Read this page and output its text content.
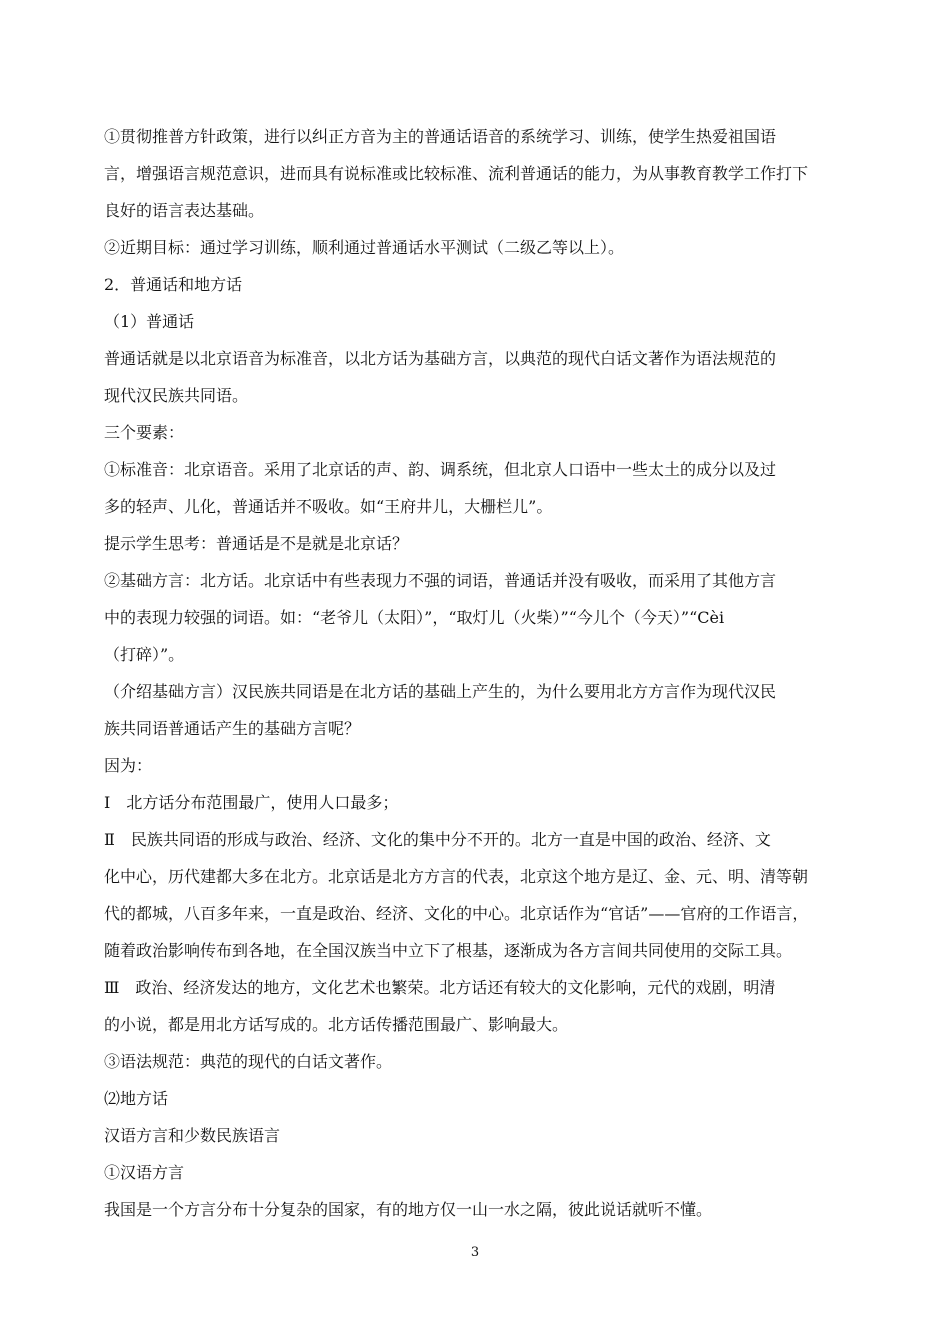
①贯彻推普方针政策，进行以纠正方音为主的普通话语音的系统学习、训练，使学生热爱祖国语
言，增强语言规范意识，进而具有说标准或比较标准、流利普通话的能力，为从事教育教学工作打下
良好的语言表达基础。
②近期目标：通过学习训练，顺利通过普通话水平测试（二级乙等以上）。
2．普通话和地方话
（1）普通话
普通话就是以北京语音为标准音，以北方话为基础方言，以典范的现代白话文著作为语法规范的
现代汉民族共同语。
三个要素：
①标准音：北京语音。采用了北京话的声、韵、调系统，但北京人口语中一些太土的成分以及过
多的轻声、儿化，普通话并不吸收。如“王府井儿，大栅栏儿”。
提示学生思考：普通话是不是就是北京话？
②基础方言：北方话。北京话中有些表现力不强的词语，普通话并没有吸收，而采用了其他方言
中的表现力较强的词语。如：“老爷儿（太阳）”，“取灯儿（火柴）”“今儿个（今天）”“Cèi
（打碎）”。
（介绍基础方言）汉民族共同语是在北方话的基础上产生的，为什么要用北方方言作为现代汉民
族共同语普通话产生的基础方言呢？
因为：
Ⅰ　北方话分布范围最广，使用人口最多；
Ⅱ　民族共同语的形成与政治、经济、文化的集中分不开的。北方一直是中国的政治、经济、文
化中心，历代建都大多在北方。北京话是北方方言的代表，北京这个地方是辽、金、元、明、清等朝
代的都城，八百多年来，一直是政治、经济、文化的中心。北京话作为“官话”——官府的工作语言，
随着政治影响传布到各地，在全国汉族当中立下了根基，逐渐成为各方言间共同使用的交际工具。
Ⅲ　政治、经济发达的地方，文化艺术也繁荣。北方话还有较大的文化影响，元代的戏剧，明清
的小说，都是用北方话写成的。北方话传播范围最广、影响最大。
③语法规范：典范的现代的白话文著作。
⑵地方话
汉语方言和少数民族语言
①汉语方言
我国是一个方言分布十分复杂的国家，有的地方仅一山一水之隔，彼此说话就听不懂。
3
